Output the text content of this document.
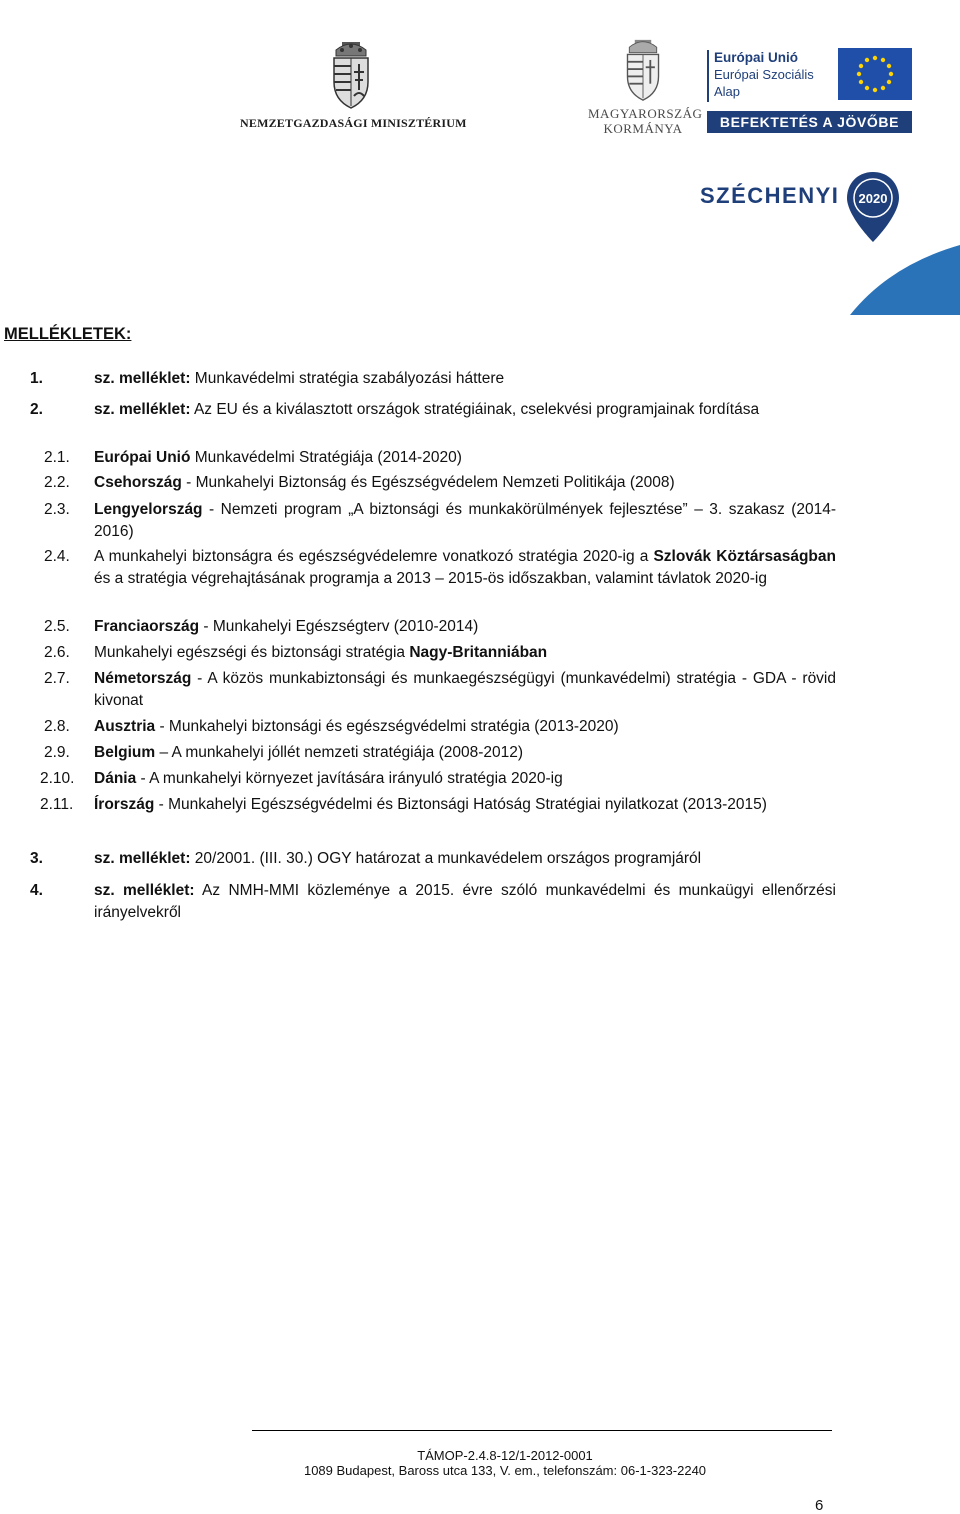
NEMZETGAZDASÁGI MINISZTÉRIUM
MAGYARORSZÁG
KORMÁNYA
Európai Unió
Európai Szociális
Alap
BEFEKTETÉS A JÖVŐBE
SZÉCHENYI 2020
MELLÉKLETEK:
1.	sz. melléklet: Munkavédelmi stratégia szabályozási háttere
2.	sz. melléklet: Az EU és a kiválasztott országok stratégiáinak, cselekvési programjainak fordítása
2.1. Európai Unió Munkavédelmi Stratégiája (2014-2020)
2.2. Csehország - Munkahelyi Biztonság és Egészségvédelem Nemzeti Politikája (2008)
2.3. Lengyelország - Nemzeti program „A biztonsági és munkakörülmények fejlesztése” – 3. szakasz (2014-2016)
2.4. A munkahelyi biztonságra és egészségvédelemre vonatkozó stratégia 2020-ig a Szlovák Köztársaságban és a stratégia végrehajtásának programja a 2013 – 2015-ös időszakban, valamint távlatok 2020-ig
2.5. Franciaország - Munkahelyi Egészségterv (2010-2014)
2.6. Munkahelyi egészségi és biztonsági stratégia Nagy-Britanniában
2.7. Németország - A közös munkabiztonsági és munkaegészségügyi (munkavédelmi) stratégia - GDA - rövid kivonat
2.8. Ausztria - Munkahelyi biztonsági és egészségvédelmi stratégia (2013-2020)
2.9. Belgium – A munkahelyi jóllét nemzeti stratégiája (2008-2012)
2.10. Dánia - A munkahelyi környezet javítására irányuló stratégia 2020-ig
2.11. Írország - Munkahelyi Egészségvédelmi és Biztonsági Hatóság Stratégiai nyilatkozat (2013-2015)
3.	sz. melléklet: 20/2001. (III. 30.) OGY határozat a munkavédelem országos programjáról
4.	sz. melléklet: Az NMH-MMI közleménye a 2015. évre szóló munkavédelmi és munkaügyi ellenőrzési irányelvekről
TÁMOP-2.4.8-12/1-2012-0001
1089 Budapest, Baross utca 133, V. em., telefonszám: 06-1-323-2240
6
